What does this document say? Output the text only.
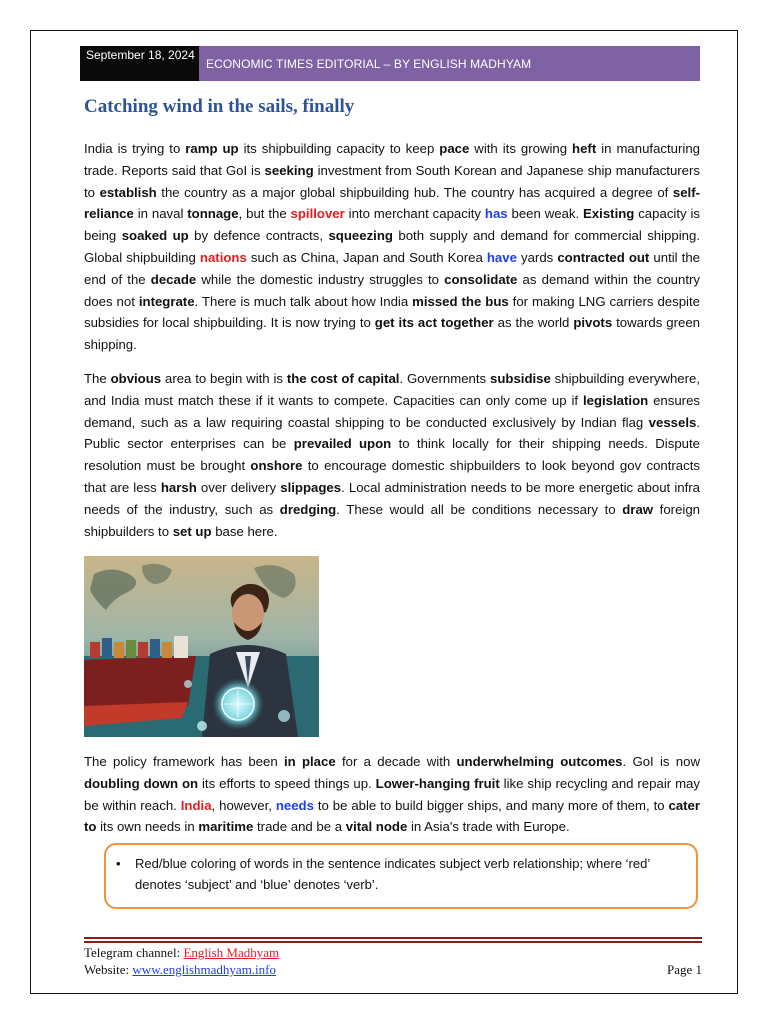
September 18, 2024
ECONOMIC TIMES EDITORIAL – BY ENGLISH MADHYAM
Catching wind in the sails, finally

India is trying to ramp up its shipbuilding capacity to keep pace with its growing heft in manufacturing trade. Reports said that GoI is seeking investment from South Korean and Japanese ship manufacturers to establish the country as a major global shipbuilding hub. The country has acquired a degree of self-reliance in naval tonnage, but the spillover into merchant capacity has been weak. Existing capacity is being soaked up by defence contracts, squeezing both supply and demand for commercial shipping. Global shipbuilding nations such as China, Japan and South Korea have yards contracted out until the end of the decade while the domestic industry struggles to consolidate as demand within the country does not integrate. There is much talk about how India missed the bus for making LNG carriers despite subsidies for local shipbuilding. It is now trying to get its act together as the world pivots towards green shipping.

The obvious area to begin with is the cost of capital. Governments subsidise shipbuilding everywhere, and India must match these if it wants to compete. Capacities can only come up if legislation ensures demand, such as a law requiring coastal shipping to be conducted exclusively by Indian flag vessels. Public sector enterprises can be prevailed upon to think locally for their shipping needs. Dispute resolution must be brought onshore to encourage domestic shipbuilders to look beyond gov contracts that are less harsh over delivery slippages. Local administration needs to be more energetic about infra needs of the industry, such as dredging. These would all be conditions necessary to draw foreign shipbuilders to set up base here.

The policy framework has been in place for a decade with underwhelming outcomes. GoI is now doubling down on its efforts to speed things up. Lower-hanging fruit like ship recycling and repair may be within reach. India, however, needs to be able to build bigger ships, and many more of them, to cater to its own needs in maritime trade and be a vital node in Asia's trade with Europe.

• Red/blue coloring of words in the sentence indicates subject verb relationship; where ‘red’ denotes ‘subject’ and ‘blue’ denotes ‘verb’.
Telegram channel: English Madhyam
Website: www.englishmadhyam.info	Page 1
